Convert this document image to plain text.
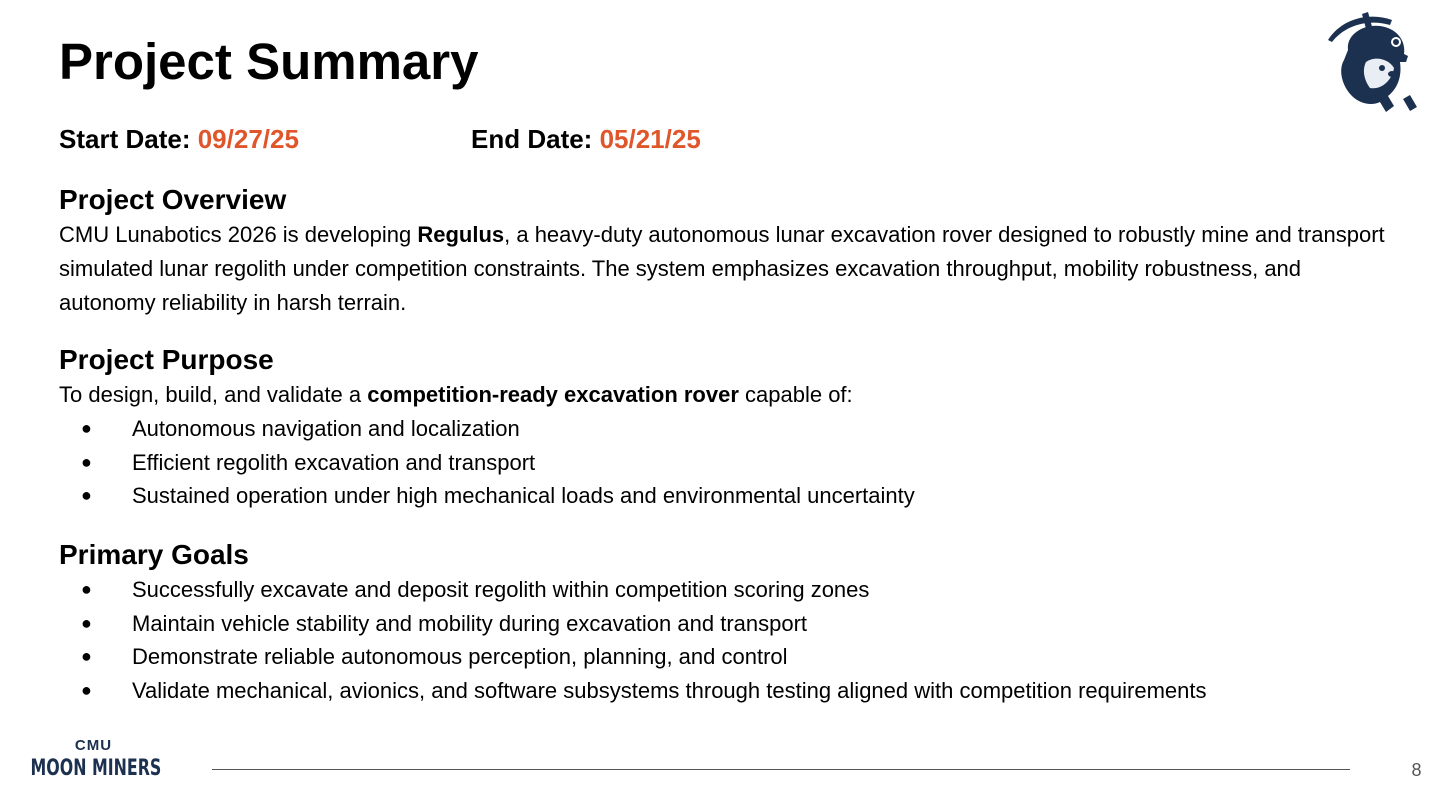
Project Summary
Start Date: 09/27/25	End Date: 05/21/25
Project Overview

CMU Lunabotics 2026 is developing Regulus, a heavy-duty autonomous lunar excavation rover designed to robustly mine and transport simulated lunar regolith under competition constraints. The system emphasizes excavation throughput, mobility robustness, and autonomy reliability in harsh terrain.

Project Purpose

To design, build, and validate a competition-ready excavation rover capable of:

● Autonomous navigation and localization
● Efficient regolith excavation and transport
● Sustained operation under high mechanical loads and environmental uncertainty
Primary Goals
● Successfully excavate and deposit regolith within competition scoring zones
● Maintain vehicle stability and mobility during excavation and transport
● Demonstrate reliable autonomous perception, planning, and control
● Validate mechanical, avionics, and software subsystems through testing aligned with competition requirements
CMU
MOON MINERS	8
